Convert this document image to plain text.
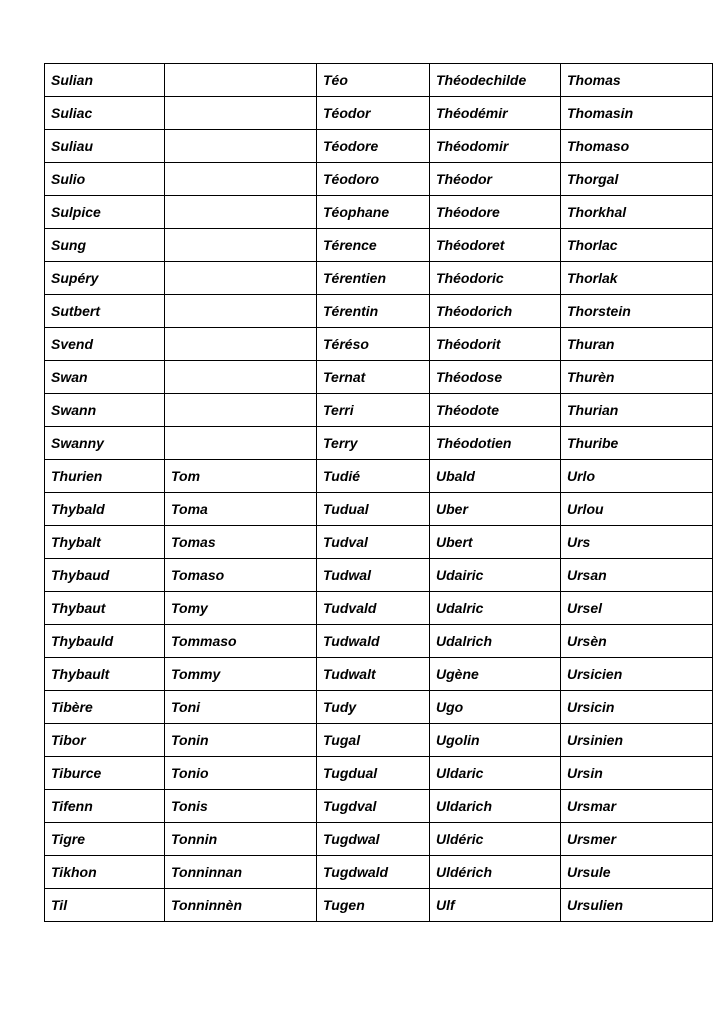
Sulian		Téo	Théodechilde	Thomas
Suliac		Téodor	Théodémir	Thomasin
Suliau		Téodore	Théodomir	Thomaso
Sulio		Téodoro	Théodor	Thorgal
Sulpice		Téophane	Théodore	Thorkhal
Sung		Térence	Théodoret	Thorlac
Supéry		Térentien	Théodoric	Thorlak
Sutbert		Térentin	Théodorich	Thorstein
Svend		Téréso	Théodorit	Thuran
Swan		Ternat	Théodose	Thurèn
Swann		Terri	Théodote	Thurian
Swanny		Terry	Théodotien	Thuribe
Thurien	Tom	Tudié	Ubald	Urlo
Thybald	Toma	Tudual	Uber	Urlou
Thybalt	Tomas	Tudval	Ubert	Urs
Thybaud	Tomaso	Tudwal	Udairic	Ursan
Thybaut	Tomy	Tudvald	Udalric	Ursel
Thybauld	Tommaso	Tudwald	Udalrich	Ursèn
Thybault	Tommy	Tudwalt	Ugène	Ursicien
Tibère	Toni	Tudy	Ugo	Ursicin
Tibor	Tonin	Tugal	Ugolin	Ursinien
Tiburce	Tonio	Tugdual	Uldaric	Ursin
Tifenn	Tonis	Tugdval	Uldarich	Ursmar
Tigre	Tonnin	Tugdwal	Uldéric	Ursmer
Tikhon	Tonninnan	Tugdwald	Uldérich	Ursule
Til	Tonninnèn	Tugen	Ulf	Ursulien
